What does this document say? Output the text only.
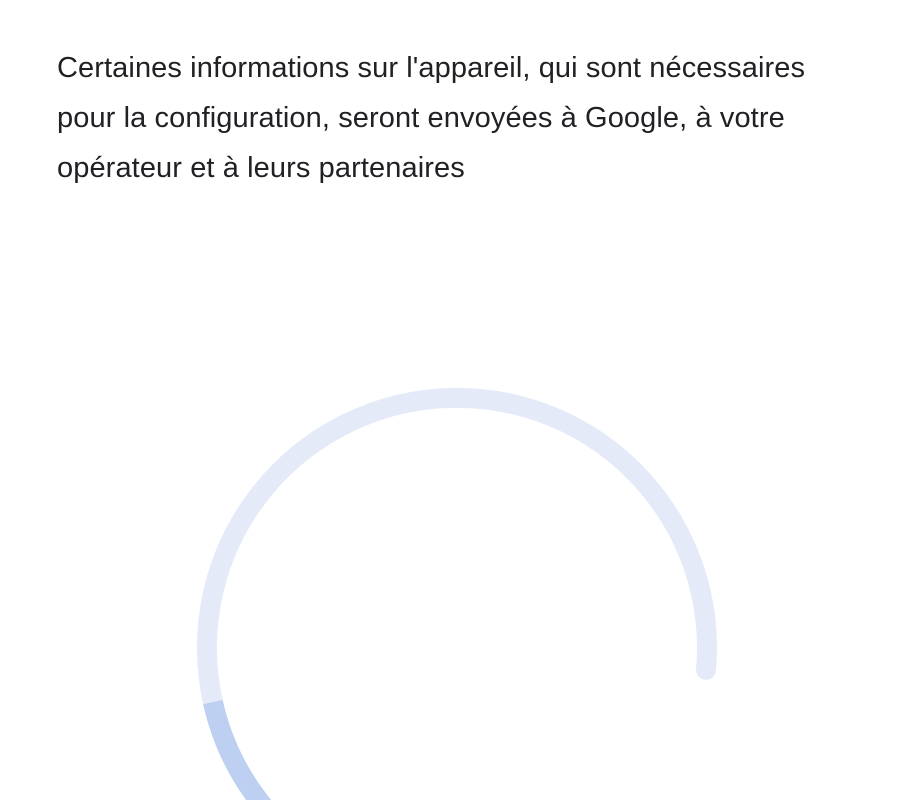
Certaines informations sur l'appareil, qui sont nécessaires
pour la configuration, seront envoyées à Google, à votre
opérateur et à leurs partenaires
